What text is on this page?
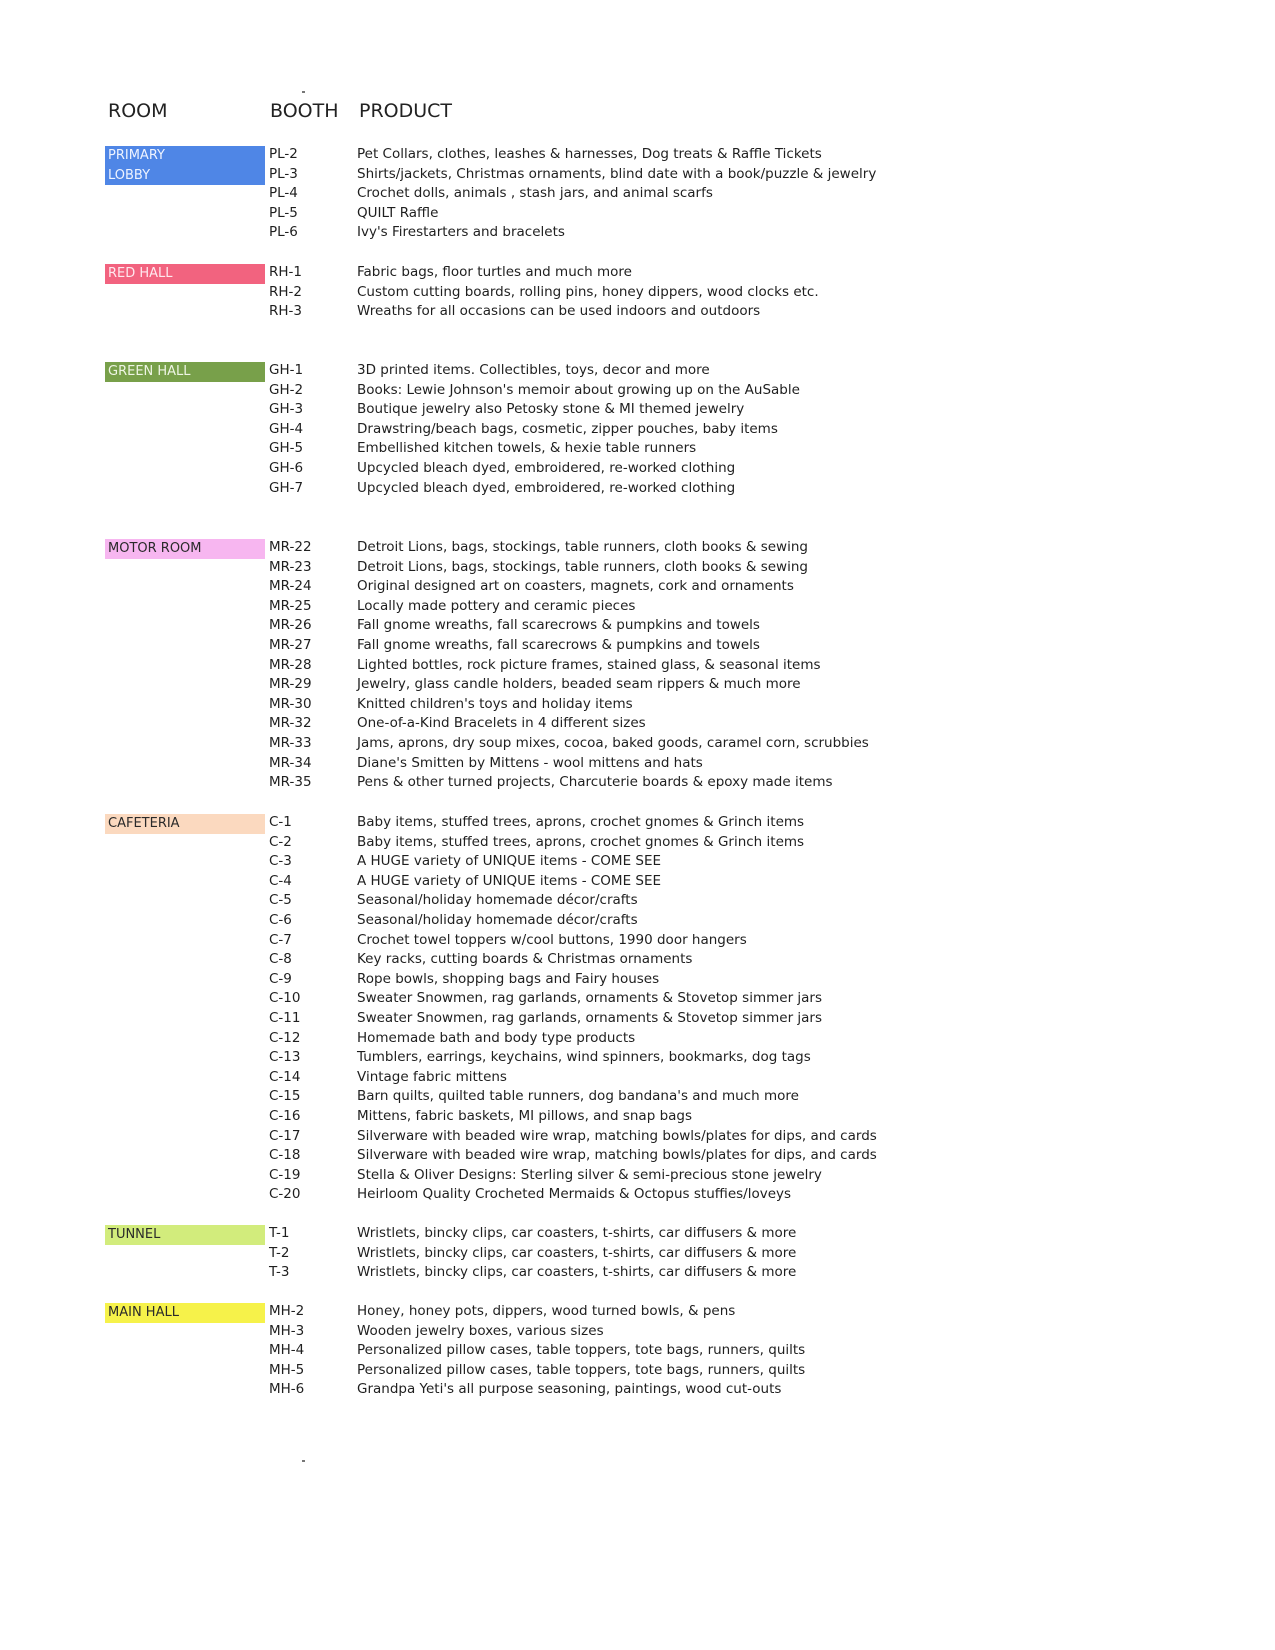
ROOM	BOOTH PRODUCT
PRIMARY
LOBBY
PL-2	Pet Collars, clothes, leashes & harnesses, Dog treats & Raffle Tickets
PL-3	Shirts/jackets, Christmas ornaments, blind date with a book/puzzle & jewelry
PL-4	Crochet dolls, animals , stash jars, and animal scarfs
PL-5	QUILT Raffle
PL-6	Ivy's Firestarters and bracelets
RED HALL	RH-1	Fabric bags, floor turtles and much more
RH-2	Custom cutting boards, rolling pins, honey dippers, wood clocks etc.
RH-3	Wreaths for all occasions can be used indoors and outdoors
GREEN HALL	GH-1	3D printed items. Collectibles, toys, decor and more
GH-2	Books: Lewie Johnson's memoir about growing up on the AuSable
GH-3	Boutique jewelry also Petosky stone & MI themed jewelry
GH-4	Drawstring/beach bags, cosmetic, zipper pouches, baby items
GH-5	Embellished kitchen towels, & hexie table runners
GH-6	Upcycled bleach dyed, embroidered, re-worked clothing
GH-7	Upcycled bleach dyed, embroidered, re-worked clothing
MOTOR ROOM	MR-22	Detroit Lions, bags, stockings, table runners, cloth books & sewing
MR-23	Detroit Lions, bags, stockings, table runners, cloth books & sewing
MR-24	Original designed art on coasters, magnets, cork and ornaments
MR-25	Locally made pottery and ceramic pieces
MR-26	Fall gnome wreaths, fall scarecrows & pumpkins and towels
MR-27	Fall gnome wreaths, fall scarecrows & pumpkins and towels
MR-28	Lighted bottles, rock picture frames, stained glass, & seasonal items
MR-29	Jewelry, glass candle holders, beaded seam rippers & much more
MR-30	Knitted children's toys and holiday items
MR-32	One-of-a-Kind Bracelets in 4 different sizes
MR-33	Jams, aprons, dry soup mixes, cocoa, baked goods, caramel corn, scrubbies
MR-34	Diane's Smitten by Mittens - wool mittens and hats
MR-35	Pens & other turned projects, Charcuterie boards & epoxy made items
CAFETERIA	C-1	Baby items, stuffed trees, aprons, crochet gnomes & Grinch items
C-2	Baby items, stuffed trees, aprons, crochet gnomes & Grinch items
C-3	A HUGE variety of UNIQUE items - COME SEE
C-4	A HUGE variety of UNIQUE items - COME SEE
C-5	Seasonal/holiday homemade décor/crafts
C-6	Seasonal/holiday homemade décor/crafts
C-7	Crochet towel toppers w/cool buttons, 1990 door hangers
C-8	Key racks, cutting boards & Christmas ornaments
C-9	Rope bowls, shopping bags and Fairy houses
C-10	Sweater Snowmen, rag garlands, ornaments & Stovetop simmer jars
C-11	Sweater Snowmen, rag garlands, ornaments & Stovetop simmer jars
C-12	Homemade bath and body type products
C-13	Tumblers, earrings, keychains, wind spinners, bookmarks, dog tags
C-14	Vintage fabric mittens
C-15	Barn quilts, quilted table runners, dog bandana's and much more
C-16	Mittens, fabric baskets, MI pillows, and snap bags
C-17	Silverware with beaded wire wrap, matching bowls/plates for dips, and cards
C-18	Silverware with beaded wire wrap, matching bowls/plates for dips, and cards
C-19	Stella & Oliver Designs: Sterling silver & semi-precious stone jewelry
C-20	Heirloom Quality Crocheted Mermaids & Octopus stuffies/loveys
TUNNEL	T-1	Wristlets, bincky clips, car coasters, t-shirts, car diffusers & more
T-2	Wristlets, bincky clips, car coasters, t-shirts, car diffusers & more
T-3	Wristlets, bincky clips, car coasters, t-shirts, car diffusers & more
MAIN HALL	MH-2	Honey, honey pots, dippers, wood turned bowls, & pens
MH-3	Wooden jewelry boxes, various sizes
MH-4	Personalized pillow cases, table toppers, tote bags, runners, quilts
MH-5	Personalized pillow cases, table toppers, tote bags, runners, quilts
MH-6	Grandpa Yeti's all purpose seasoning, paintings, wood cut-outs
